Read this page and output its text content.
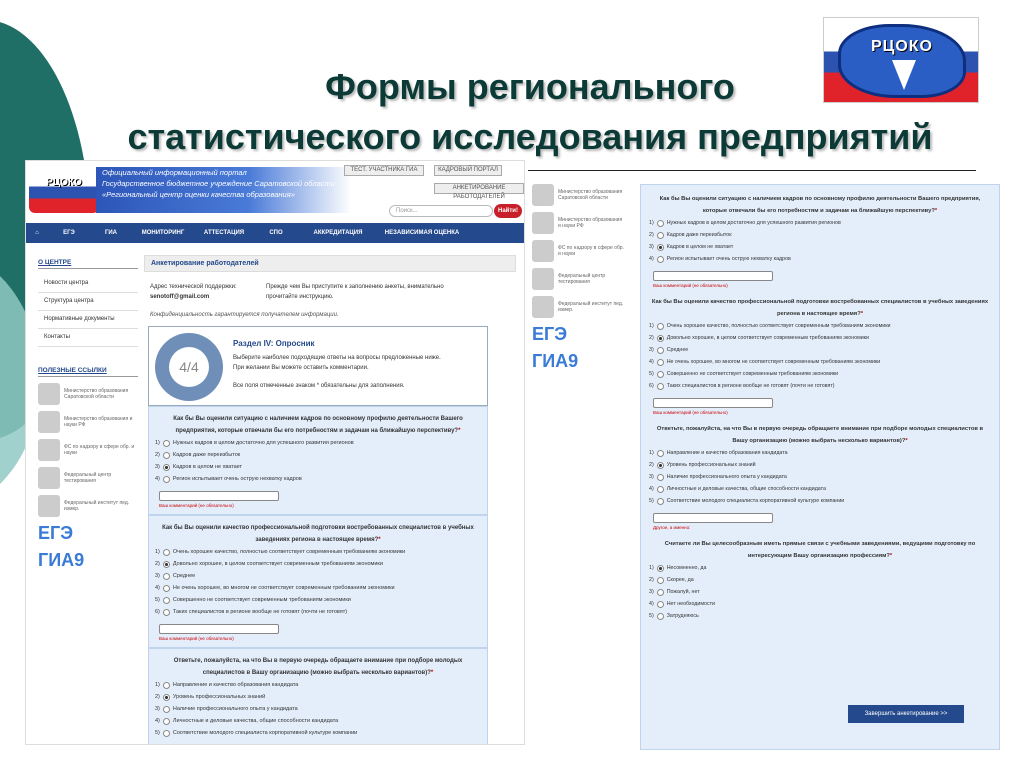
РЦОКО
Формы регионального
статистического исследования предприятий
РЦОКО
Официальный информационный портал
Государственное бюджетное учреждение Саратовской области
«Региональный центр оценки качества образования»
ТЕСТ. УЧАСТНИКА ГИА	КАДРОВЫЙ ПОРТАЛ
АНКЕТИРОВАНИЕ РАБОТОДАТЕЛЕЙ
Поиск...	Найти!
⌂	ЕГЭ	ГИА	МОНИТОРИНГ	АТТЕСТАЦИЯ	СПО	АККРЕДИТАЦИЯ	НЕЗАВИСИМАЯ ОЦЕНКА
О ЦЕНТРЕ
Новости центра
Структура центра
Нормативные документы
Контакты
ПОЛЕЗНЫЕ ССЫЛКИ
Министерство образования Саратовской области
Министерство образования и науки РФ
ФС по надзору в сфере обр. и науки
Федеральный центр тестирования
Федеральный институт пед. измер.
ЕГЭ
ГИА9
Анкетирование работодателей
Адрес технической поддержки:
senotoff@gmail.com
Прежде чем Вы приступите к заполнению анкеты, внимательно прочитайте инструкцию.
Конфиденциальность гарантируется получателем информации.
4/4
Раздел IV: Опросник
Выберите наиболее подходящие ответы на вопросы предложенные ниже.
При желании Вы можете оставить комментарии.
Все поля отмеченные знаком * обязательны для заполнения.
Как бы Вы оценили ситуацию с наличием кадров по основному профилю деятельности Вашего предприятия, которые отвечали бы его потребностям и задачам на ближайшую перспективу?*
1) Нужных кадров в целом достаточно для успешного развития регионов
2) Кадров даже переизбыток
3) Кадров в целом не хватает
4) Регион испытывает очень острую нехватку кадров
Ваш комментарий (не обязательно)
Как бы Вы оценили качество профессиональной подготовки востребованных специалистов в учебных заведениях региона в настоящее время?*
1) Очень хорошее качество, полностью соответствует современным требованиям экономики
2) Довольно хорошее, в целом соответствует современным требованиям экономики
3) Среднее
4) Не очень хорошее, во многом не соответствует современным требованиям экономики
5) Совершенно не соответствует современным требованиям экономики
6) Таких специалистов в регионе вообще не готовят (почти не готовят)
Ваш комментарий (не обязательно)
Ответьте, пожалуйста, на что Вы в первую очередь обращаете внимание при подборе молодых специалистов в Вашу организацию (можно выбрать несколько вариантов)?*
1) Направление и качество образования кандидата
2) Уровень профессиональных знаний
3) Наличие профессионального опыта у кандидата
4) Личностные и деловые качества, общие способности кандидата
5) Соответствие молодого специалиста корпоративной культуре компании
Министерство образования Саратовской области
Министерство образования и науки РФ
ФС по надзору в сфере обр. и науки
Федеральный центр тестирования
Федеральный институт пед. измер.
ЕГЭ
ГИА9
Как бы Вы оценили ситуацию с наличием кадров по основному профилю деятельности Вашего предприятия, которые отвечали бы его потребностям и задачам на ближайшую перспективу?*
1) Нужных кадров в целом достаточно для успешного развития регионов
2) Кадров даже переизбыток
3) Кадров в целом не хватает
4) Регион испытывает очень острую нехватку кадров
Ваш комментарий (не обязательно)
Как бы Вы оценили качество профессиональной подготовки востребованных специалистов в учебных заведениях региона в настоящее время?*
1) Очень хорошее качество, полностью соответствует современным требованиям экономики
2) Довольно хорошее, в целом соответствует современным требованиям экономики
3) Среднее
4) Не очень хорошее, во многом не соответствует современным требованиям экономики
5) Совершенно не соответствует современным требованиям экономики
6) Таких специалистов в регионе вообще не готовят (почти не готовят)
Ваш комментарий (не обязательно)
Ответьте, пожалуйста, на что Вы в первую очередь обращаете внимание при подборе молодых специалистов в Вашу организацию (можно выбрать несколько вариантов)?*
1) Направление и качество образования кандидата
2) Уровень профессиональных знаний
3) Наличие профессионального опыта у кандидата
4) Личностные и деловые качества, общие способности кандидата
5) Соответствие молодого специалиста корпоративной культуре компании
Другое, а именно:
Считаете ли Вы целесообразным иметь прямые связи с учебными заведениями, ведущими подготовку по интересующим Вашу организацию профессиям?*
1) Несомненно, да
2) Скорее, да
3) Пожалуй, нет
4) Нет необходимости
5) Затрудняюсь
Завершить анкетирование >>
